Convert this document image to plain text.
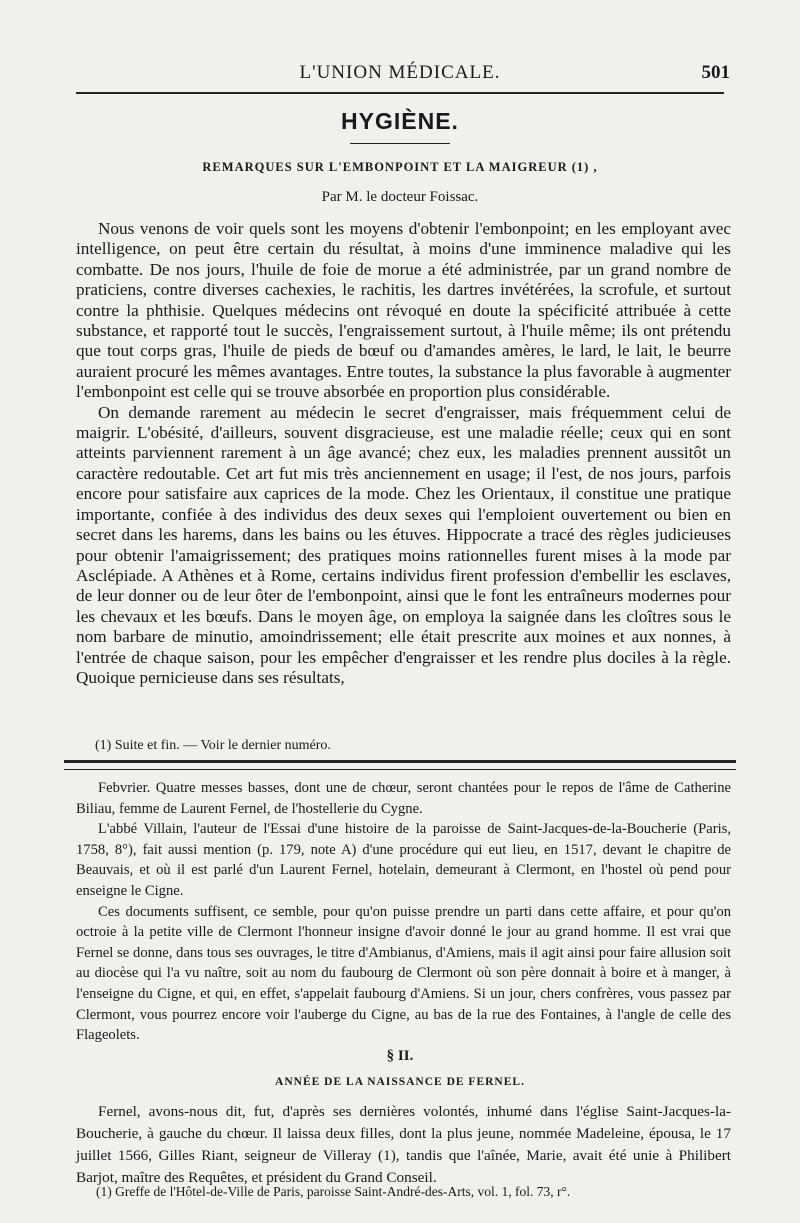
L'UNION MÉDICALE.	501
HYGIÈNE.
REMARQUES SUR L'EMBONPOINT ET LA MAIGREUR (1) ,
Par M. le docteur Foissac.

Nous venons de voir quels sont les moyens d'obtenir l'embonpoint; en les employant avec intelligence, on peut être certain du résultat, à moins d'une imminence maladive qui les combatte. De nos jours, l'huile de foie de morue a été administrée, par un grand nombre de praticiens, contre diverses cachexies, le rachitis, les dartres invétérées, la scrofule, et surtout contre la phthisie. Quelques médecins ont révoqué en doute la spécificité attribuée à cette substance, et rapporté tout le succès, l'engraissement surtout, à l'huile même; ils ont prétendu que tout corps gras, l'huile de pieds de bœuf ou d'amandes amères, le lard, le lait, le beurre auraient procuré les mêmes avantages. Entre toutes, la substance la plus favorable à augmenter l'embonpoint est celle qui se trouve absorbée en proportion plus considérable.

On demande rarement au médecin le secret d'engraisser, mais fréquemment celui de maigrir. L'obésité, d'ailleurs, souvent disgracieuse, est une maladie réelle; ceux qui en sont atteints parviennent rarement à un âge avancé; chez eux, les maladies prennent aussitôt un caractère redoutable. Cet art fut mis très anciennement en usage; il l'est, de nos jours, parfois encore pour satisfaire aux caprices de la mode. Chez les Orientaux, il constitue une pratique importante, confiée à des individus des deux sexes qui l'emploient ouvertement ou bien en secret dans les harems, dans les bains ou les étuves. Hippocrate a tracé des règles judicieuses pour obtenir l'amaigrissement; des pratiques moins rationnelles furent mises à la mode par Asclépiade. A Athènes et à Rome, certains individus firent profession d'embellir les esclaves, de leur donner ou de leur ôter de l'embonpoint, ainsi que le font les entraîneurs modernes pour les chevaux et les bœufs. Dans le moyen âge, on employa la saignée dans les cloîtres sous le nom barbare de minutio, amoindrissement; elle était prescrite aux moines et aux nonnes, à l'entrée de chaque saison, pour les empêcher d'engraisser et les rendre plus dociles à la règle. Quoique pernicieuse dans ses résultats,

(1) Suite et fin. — Voir le dernier numéro.

Febvrier. Quatre messes basses, dont une de chœur, seront chantées pour le repos de l'âme de Catherine Biliau, femme de Laurent Fernel, de l'hostellerie du Cygne.

L'abbé Villain, l'auteur de l'Essai d'une histoire de la paroisse de Saint-Jacques-de-la-Boucherie (Paris, 1758, 8°), fait aussi mention (p. 179, note A) d'une procédure qui eut lieu, en 1517, devant le chapitre de Beauvais, et où il est parlé d'un Laurent Fernel, hotelain, demeurant à Clermont, en l'hostel où pend pour enseigne le Cigne.

Ces documents suffisent, ce semble, pour qu'on puisse prendre un parti dans cette affaire, et pour qu'on octroie à la petite ville de Clermont l'honneur insigne d'avoir donné le jour au grand homme. Il est vrai que Fernel se donne, dans tous ses ouvrages, le titre d'Ambianus, d'Amiens, mais il agit ainsi pour faire allusion soit au diocèse qui l'a vu naître, soit au nom du faubourg de Clermont où son père donnait à boire et à manger, à l'enseigne du Cigne, et qui, en effet, s'appelait faubourg d'Amiens. Si un jour, chers confrères, vous passez par Clermont, vous pourrez encore voir l'auberge du Cigne, au bas de la rue des Fontaines, à l'angle de celle des Flageolets.

§ II.
ANNÉE DE LA NAISSANCE DE FERNEL.

Fernel, avons-nous dit, fut, d'après ses dernières volontés, inhumé dans l'église Saint-Jacques-la-Boucherie, à gauche du chœur. Il laissa deux filles, dont la plus jeune, nommée Madeleine, épousa, le 17 juillet 1566, Gilles Riant, seigneur de Villeray (1), tandis que l'aînée, Marie, avait été unie à Philibert Barjot, maître des Requêtes, et président du Grand Conseil.

(1) Greffe de l'Hôtel-de-Ville de Paris, paroisse Saint-André-des-Arts, vol. 1, fol. 73, r°.
